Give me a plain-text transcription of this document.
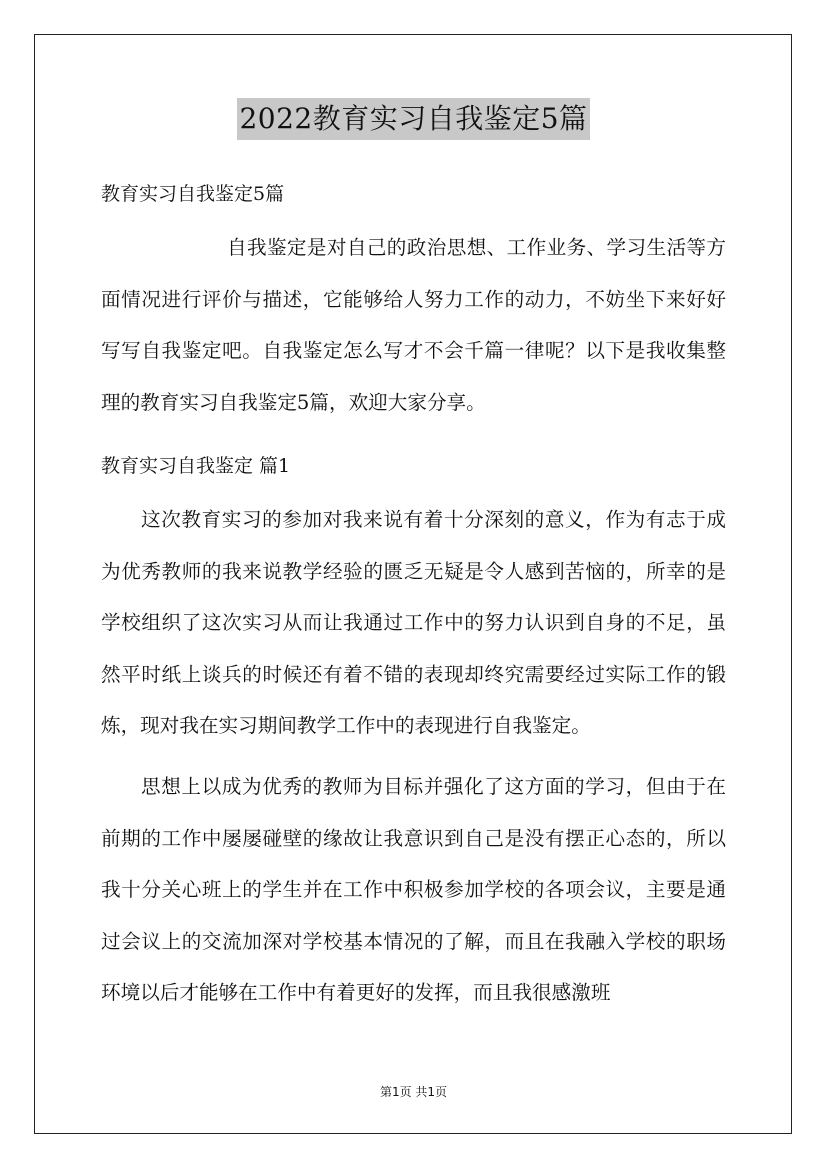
2022教育实习自我鉴定5篇
教育实习自我鉴定5篇

自我鉴定是对自己的政治思想、工作业务、学习生活等方面情况进行评价与描述，它能够给人努力工作的动力，不妨坐下来好好写写自我鉴定吧。自我鉴定怎么写才不会千篇一律呢？以下是我收集整理的教育实习自我鉴定5篇，欢迎大家分享。

教育实习自我鉴定 篇1

这次教育实习的参加对我来说有着十分深刻的意义，作为有志于成为优秀教师的我来说教学经验的匮乏无疑是令人感到苦恼的，所幸的是学校组织了这次实习从而让我通过工作中的努力认识到自身的不足，虽然平时纸上谈兵的时候还有着不错的表现却终究需要经过实际工作的锻炼，现对我在实习期间教学工作中的表现进行自我鉴定。

思想上以成为优秀的教师为目标并强化了这方面的学习，但由于在前期的工作中屡屡碰壁的缘故让我意识到自己是没有摆正心态的，所以我十分关心班上的学生并在工作中积极参加学校的各项会议，主要是通过会议上的交流加深对学校基本情况的了解，而且在我融入学校的职场环境以后才能够在工作中有着更好的发挥，而且我很感激班

第1页 共1页
